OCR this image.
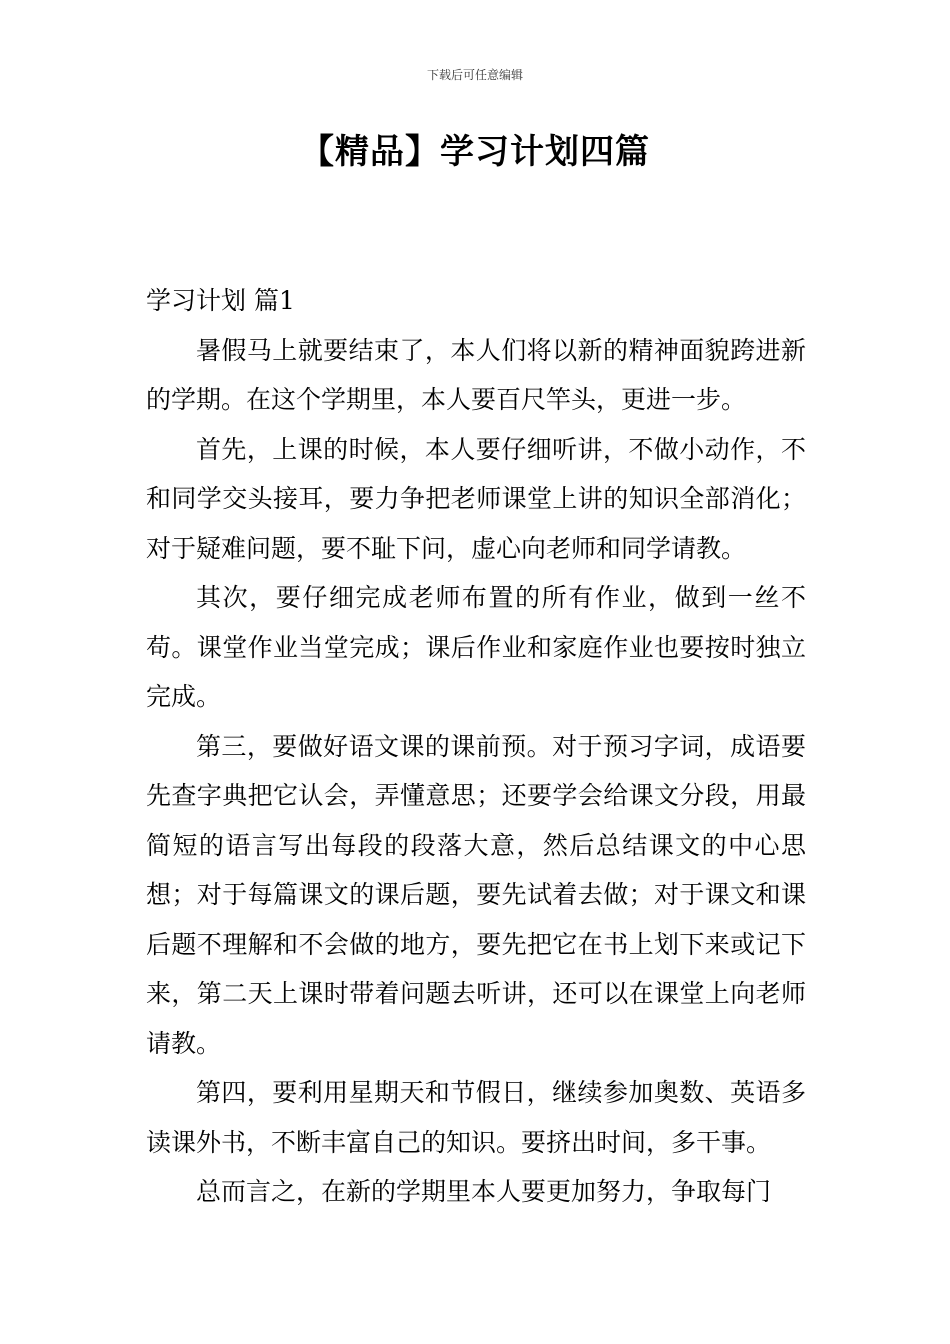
下载后可任意编辑
【精品】学习计划四篇
学习计划 篇1

暑假马上就要结束了，本人们将以新的精神面貌跨进新的学期。在这个学期里，本人要百尺竿头，更进一步。

首先，上课的时候，本人要仔细听讲，不做小动作，不和同学交头接耳，要力争把老师课堂上讲的知识全部消化；对于疑难问题，要不耻下问，虚心向老师和同学请教。

其次，要仔细完成老师布置的所有作业，做到一丝不苟。课堂作业当堂完成；课后作业和家庭作业也要按时独立完成。

第三，要做好语文课的课前预。对于预习字词，成语要先查字典把它认会，弄懂意思；还要学会给课文分段，用最简短的语言写出每段的段落大意，然后总结课文的中心思想；对于每篇课文的课后题，要先试着去做；对于课文和课后题不理解和不会做的地方，要先把它在书上划下来或记下来，第二天上课时带着问题去听讲，还可以在课堂上向老师请教。

第四，要利用星期天和节假日，继续参加奥数、英语多读课外书，不断丰富自己的知识。要挤出时间，多干事。

总而言之，在新的学期里本人要更加努力，争取每门
